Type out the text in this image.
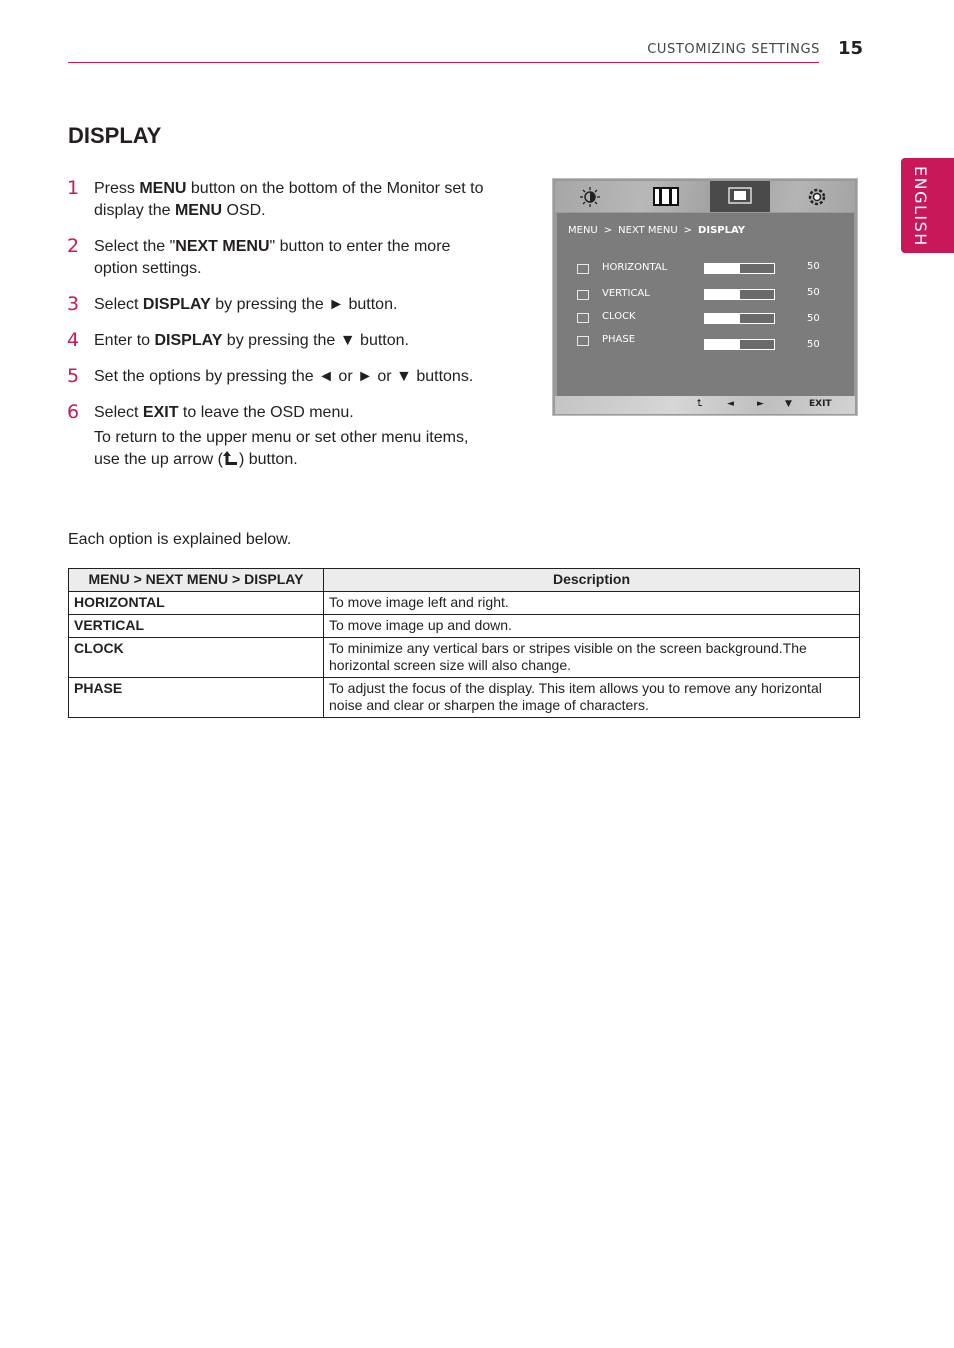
CUSTOMIZING SETTINGS 15
ENGLISH
DISPLAY
1 Press MENU button on the bottom of the Monitor set to display the MENU OSD.
2 Select the "NEXT MENU" button to enter the more option settings.
3 Select DISPLAY by pressing the ► button.
4 Enter to DISPLAY by pressing the ▼ button.
5 Set the options by pressing the ◄ or ► or ▼ buttons.
6 Select EXIT to leave the OSD menu.

To return to the upper menu or set other menu items, use the up arrow ( ) button.

MENU > NEXT MENU > DISPLAY
HORIZONTAL	50
VERTICAL	50
CLOCK	50
PHASE	50
⮤	◄	► ▼ EXIT
Each option is explained below.
MENU > NEXT MENU > DISPLAY	Description
HORIZONTAL	To move image left and right.
VERTICAL	To move image up and down.
CLOCK	To minimize any vertical bars or stripes visible on the screen background.The horizontal screen size will also change.
PHASE	To adjust the focus of the display. This item allows you to remove any horizontal noise and clear or sharpen the image of characters.
